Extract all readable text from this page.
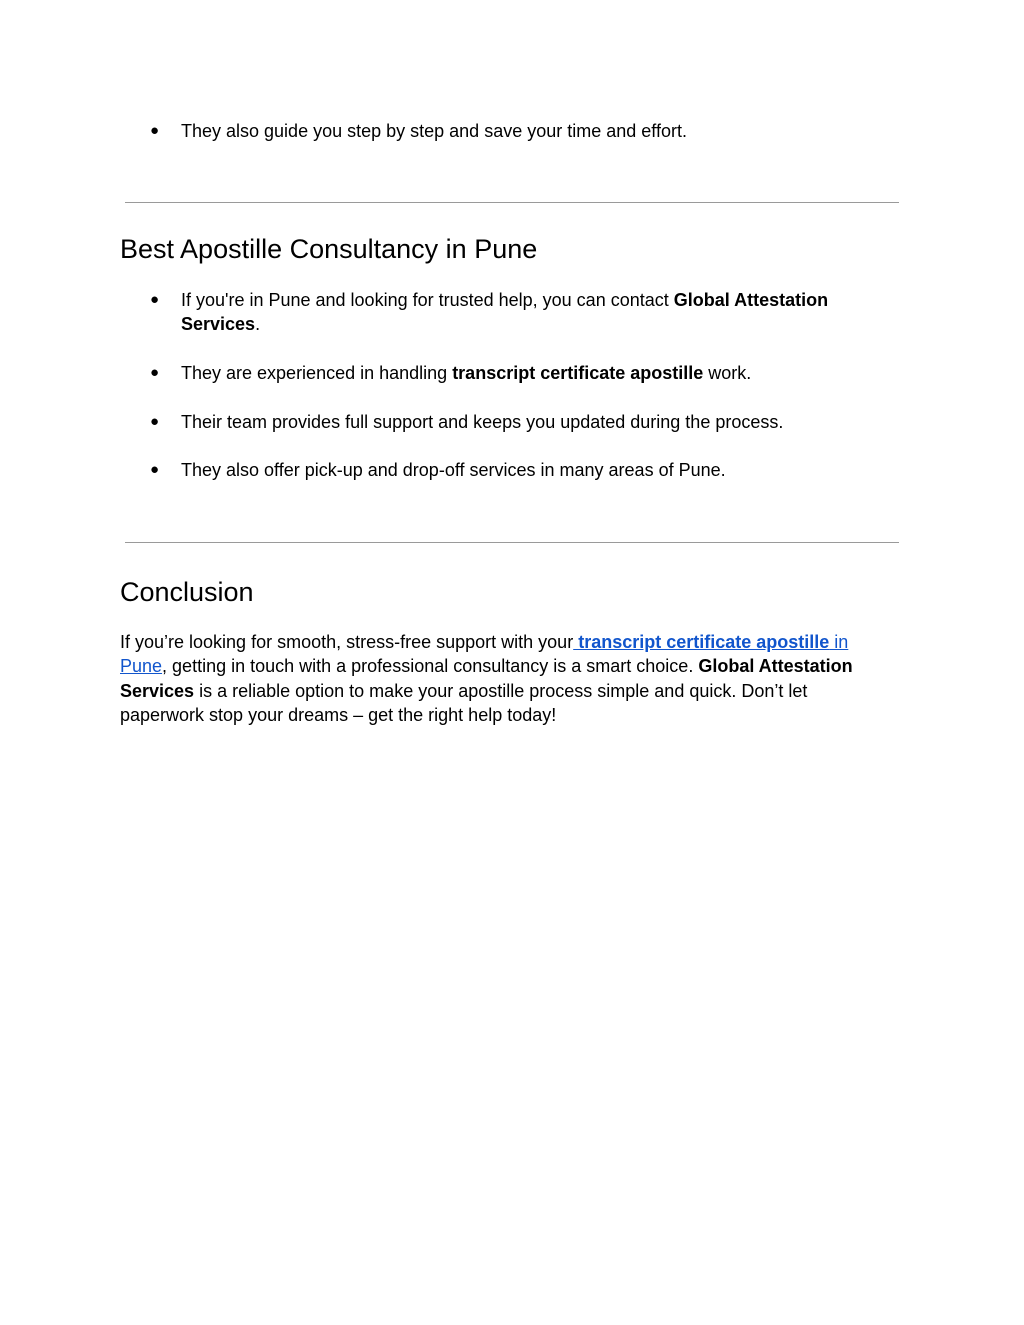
●	They also guide you step by step and save your time and effort.
Best Apostille Consultancy in Pune
●	If you're in Pune and looking for trusted help, you can contact Global Attestation Services.
●	They are experienced in handling transcript certificate apostille work.
●	Their team provides full support and keeps you updated during the process.
●	They also offer pick-up and drop-off services in many areas of Pune.
Conclusion

If you’re looking for smooth, stress-free support with your transcript certificate apostille in Pune, getting in touch with a professional consultancy is a smart choice. Global Attestation Services is a reliable option to make your apostille process simple and quick. Don’t let paperwork stop your dreams – get the right help today!
